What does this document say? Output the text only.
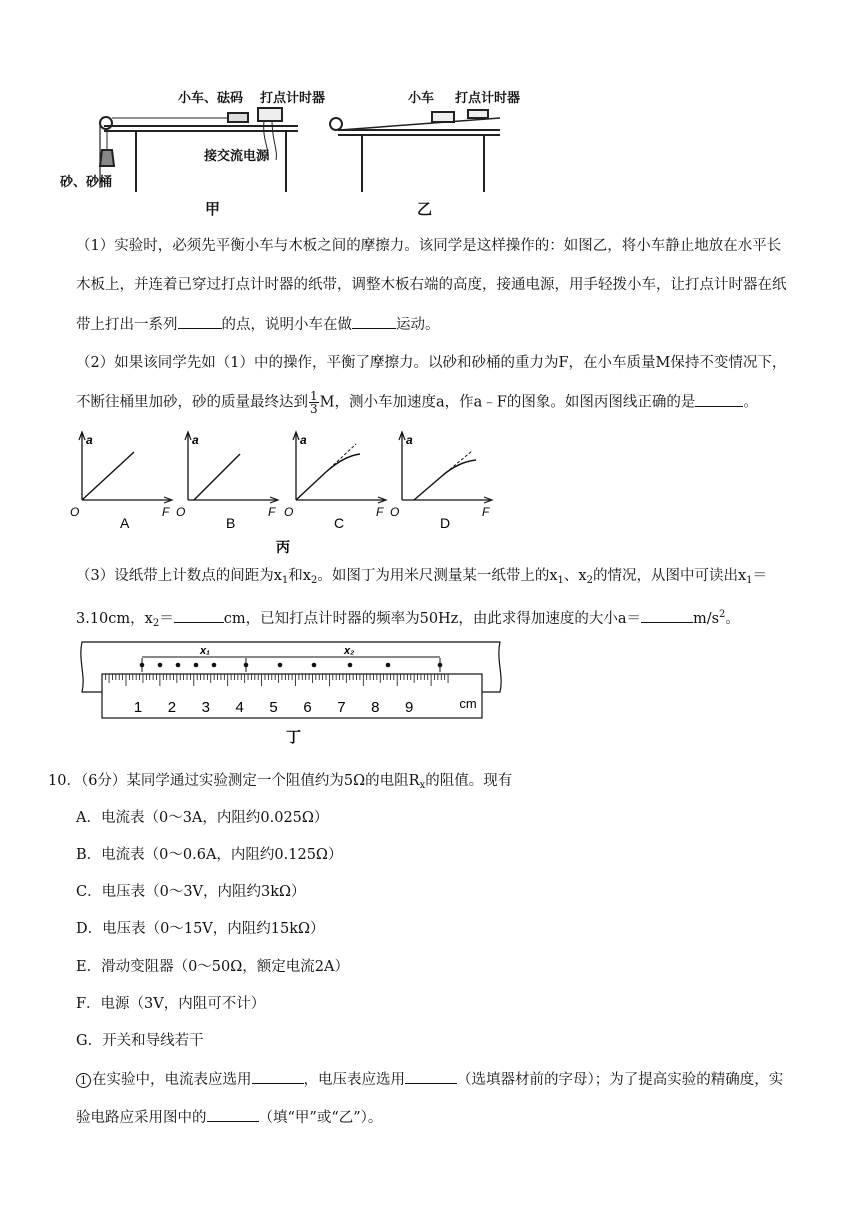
小车、砝码 打点计时器
接交流电源
砂、砂桶
甲
小车 打点计时器
乙
（1）实验时，必须先平衡小车与木板之间的摩擦力。该同学是这样操作的：如图乙，将小车静止地放在水平长
木板上，并连着已穿过打点计时器的纸带，调整木板右端的高度，接通电源，用手轻拨小车，让打点计时器在纸
带上打出一系列	的点，说明小车在做	运动。
（2）如果该同学先如（1）中的操作，平衡了摩擦力。以砂和砂桶的重力为F，在小车质量M保持不变情况下，
不断往桶里加砂，砂的质量最终达到 $\frac{1}{3}$ M，测小车加速度a，作a﹣F的图象。如图丙图线正确的是	。
a
F
O
A
a
F
O
B
a
F
O
C
a
F
O
D
丙
（3）设纸带上计数点的间距为$x_1$和$x_2$。如图丁为用米尺测量某一纸带上的$x_1$、$x_2$的情况，从图中可读出$x_1=$
3.10cm，$x_2=$	cm，已知打点计时器的频率为50Hz，由此求得加速度的大小a＝	$m/s^2$。
1 2 3 4 5 6 7 8 9	cm
x₁	x₂
丁
10．（6分）某同学通过实验测定一个阻值约为5Ω的电阻$R_x$的阻值。现有
A．电流表（0～3A，内阻约0.025Ω）
B．电流表（0～0.6A，内阻约0.125Ω）
C．电压表（0～3V，内阻约3kΩ）
D．电压表（0～15V，内阻约15kΩ）
E．滑动变阻器（0～50Ω，额定电流2A）
F．电源（3V，内阻可不计）
G．开关和导线若干
1 在实验中，电流表应选用	，电压表应选用	（选填器材前的字母）；为了提高实验的精确度，实
验电路应采用图中的	（填“甲”或“乙”）。
